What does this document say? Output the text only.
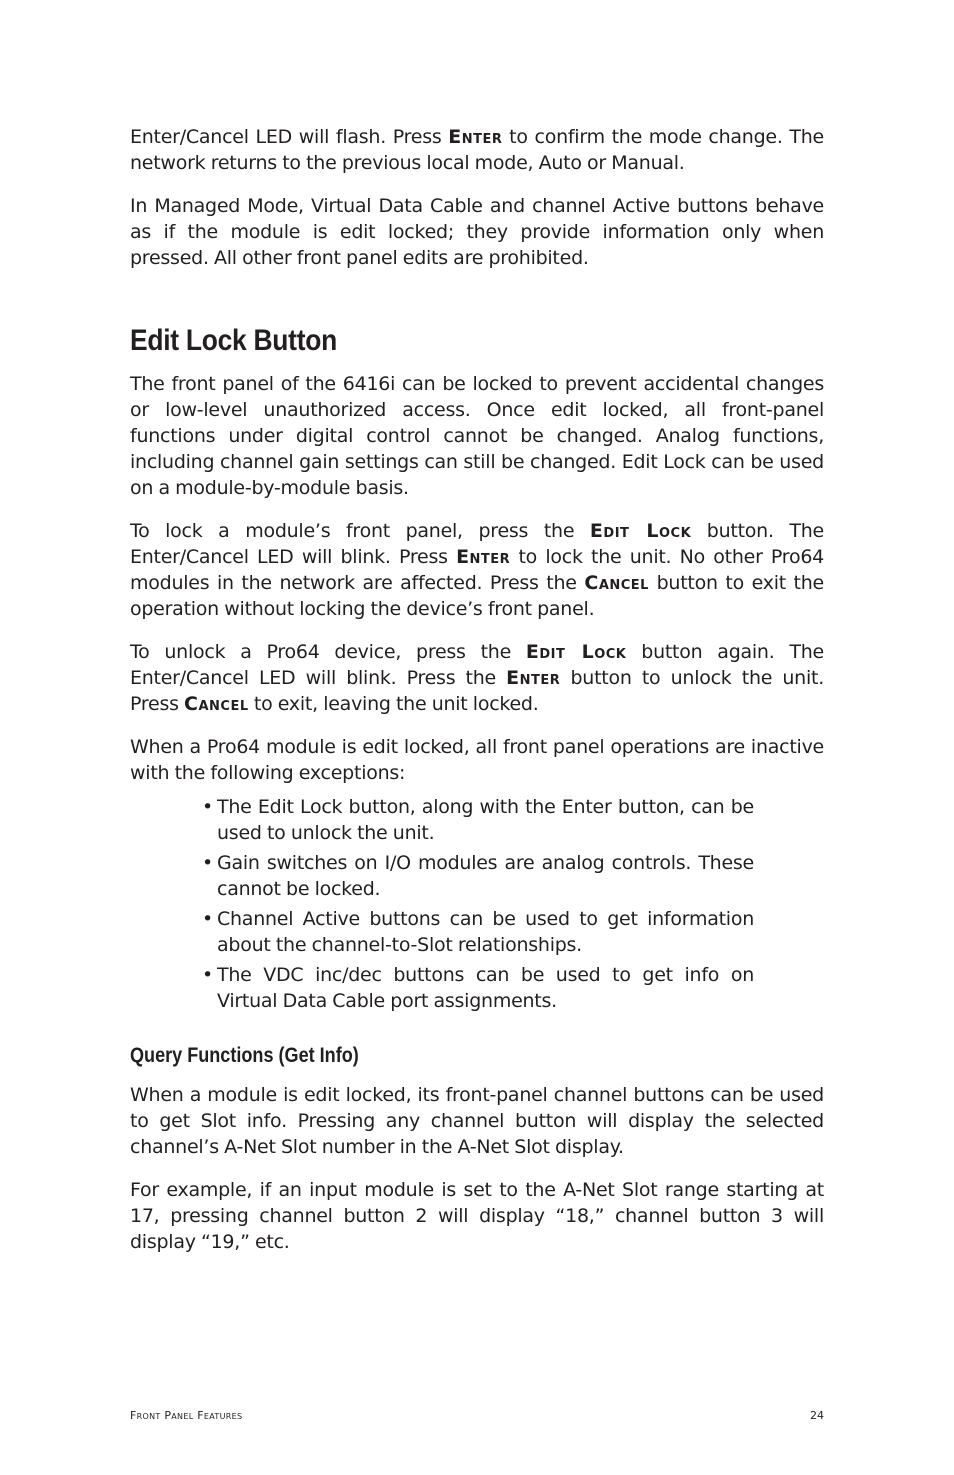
Enter/Cancel LED will flash. Press Enter to confirm the mode change. The network returns to the previous local mode, Auto or Manual.

In Managed Mode, Virtual Data Cable and channel Active buttons behave as if the module is edit locked; they provide information only when pressed. All other front panel edits are prohibited.

Edit Lock Button

The front panel of the 6416i can be locked to prevent accidental changes or low-level unauthorized access. Once edit locked, all front-panel functions under digital control cannot be changed. Analog functions, including channel gain settings can still be changed. Edit Lock can be used on a module-by-module basis.

To lock a module’s front panel, press the Edit Lock button. The Enter/Cancel LED will blink. Press Enter to lock the unit. No other Pro64 modules in the network are affected. Press the Cancel button to exit the operation without locking the device’s front panel.

To unlock a Pro64 device, press the Edit Lock button again. The Enter/Cancel LED will blink. Press the Enter button to unlock the unit. Press Cancel to exit, leaving the unit locked.

When a Pro64 module is edit locked, all front panel operations are inactive with the following exceptions:

• The Edit Lock button, along with the Enter button, can be used to unlock the unit.
• Gain switches on I/O modules are analog controls. These cannot be locked.
• Channel Active buttons can be used to get information about the channel-to-Slot relationships.
• The VDC inc/dec buttons can be used to get info on Virtual Data Cable port assignments.
Query Functions (Get Info)

When a module is edit locked, its front-panel channel buttons can be used to get Slot info. Pressing any channel button will display the selected channel’s A-Net Slot number in the A-Net Slot display.

For example, if an input module is set to the A-Net Slot range starting at 17, pressing channel button 2 will display “18,” channel button 3 will display “19,” etc.

Front Panel Features	24
